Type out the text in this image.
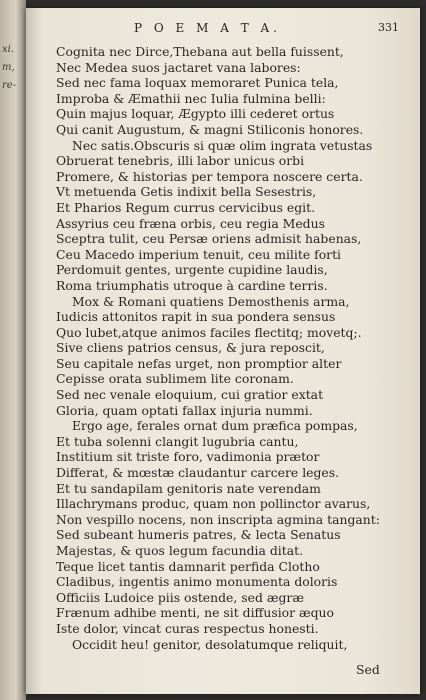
xi.
m,
re-
P O E M A T A.	331
Cognita nec Dirce,Thebana aut bella fuissent,
Nec Medea suos jactaret vana labores:
Sed nec fama loquax memoraret Punica tela,
Improba & Æmathii nec Iulia fulmina belli:
Quin majus loquar, Ægypto illi cederet ortus
Qui canit Augustum, & magni Stiliconis honores.
Nec satis.Obscuris si quæ olim ingrata vetustas
Obruerat tenebris, illi labor unicus orbi
Promere, & historias per tempora noscere certa.
Vt metuenda Getis indixit bella Sesestris,
Et Pharios Regum currus cervicibus egit.
Assyrius ceu fræna orbis, ceu regia Medus
Sceptra tulit, ceu Persæ oriens admisit habenas,
Ceu Macedo imperium tenuit, ceu milite forti
Perdomuit gentes, urgente cupidine laudis,
Roma triumphatis utroque à cardine terris.
Mox & Romani quatiens Demosthenis arma,
Iudicis attonitos rapit in sua pondera sensus
Quo lubet,atque animos faciles flectitq; movetq;.
Sive cliens patrios census, & jura reposcit,
Seu capitale nefas urget, non promptior alter
Cepisse orata sublimem lite coronam.
Sed nec venale eloquium, cui gratior extat
Gloria, quam optati fallax injuria nummi.
Ergo age, ferales ornat dum præfica pompas,
Et tuba solenni clangit lugubria cantu,
Institium sit triste foro, vadimonia prætor
Differat, & mœstæ claudantur carcere leges.
Et tu sandapilam genitoris nate verendam
Illachrymans produc, quam non pollinctor avarus,
Non vespillo nocens, non inscripta agmina tangant:
Sed subeant humeris patres, & lecta Senatus
Majestas, & quos legum facundia ditat.
Teque licet tantis damnarit perfida Clotho
Cladibus, ingentis animo monumenta doloris
Officiis Ludoice piis ostende, sed ægræ
Frænum adhibe menti, ne sit diffusior æquo
Iste dolor, vincat curas respectus honesti.
Occidit heu! genitor, desolatumque reliquit,
Sed
